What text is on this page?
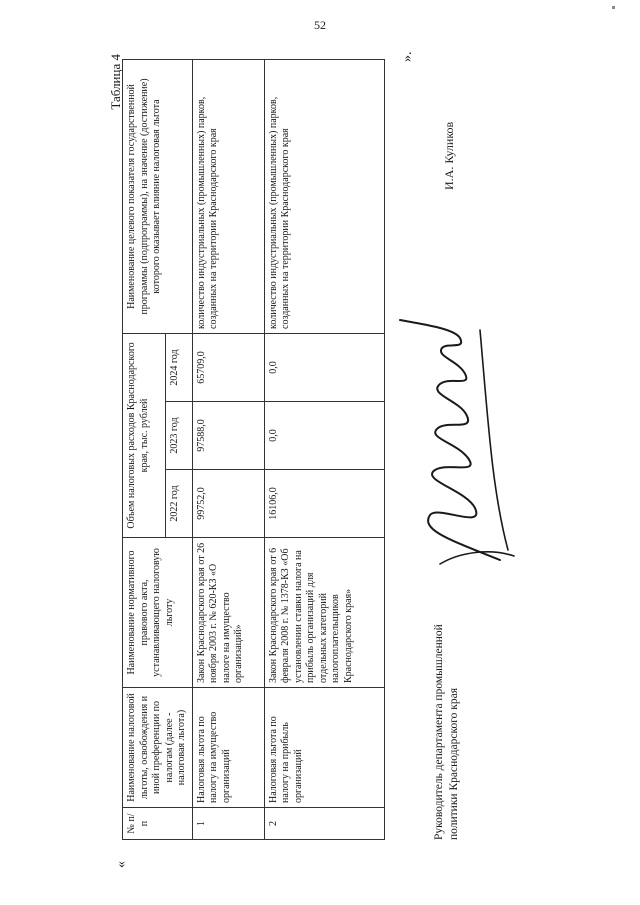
52
«
Таблица 4
№ п/п	Наименование налоговой льготы, освобождения и иной преференции по налогам (далее - налоговая льгота)	Наименование нормативного правового акта, устанавливающего налоговую льготу	Объем налоговых расходов Краснодарского края, тыс. рублей			Наименование целевого показателя государственной программы (подпрограммы), на значение (достижение) которого оказывает влияние налоговая льгота
			2022 год	2023 год	2024 год	
1	Налоговая льгота по налогу на имущество организаций	Закон Краснодарского края от 26 ноября 2003 г. № 620-КЗ «О налоге на имущество организаций»	99752,0	97588,0	65709,0	количество индустриальных (промышленных) парков, созданных на территории Краснодарского края
2	Налоговая льгота по налогу на прибыль организаций	Закон Краснодарского края от 6 февраля 2008 г. № 1378-КЗ «Об установлении ставки налога на прибыль организаций для отдельных категорий налогоплательщиков Краснодарского края»	16106,0	0,0	0,0	количество индустриальных (промышленных) парков, созданных на территории Краснодарского края
».
Руководитель департамента промышленной политики Краснодарского края
И.А. Куликов
